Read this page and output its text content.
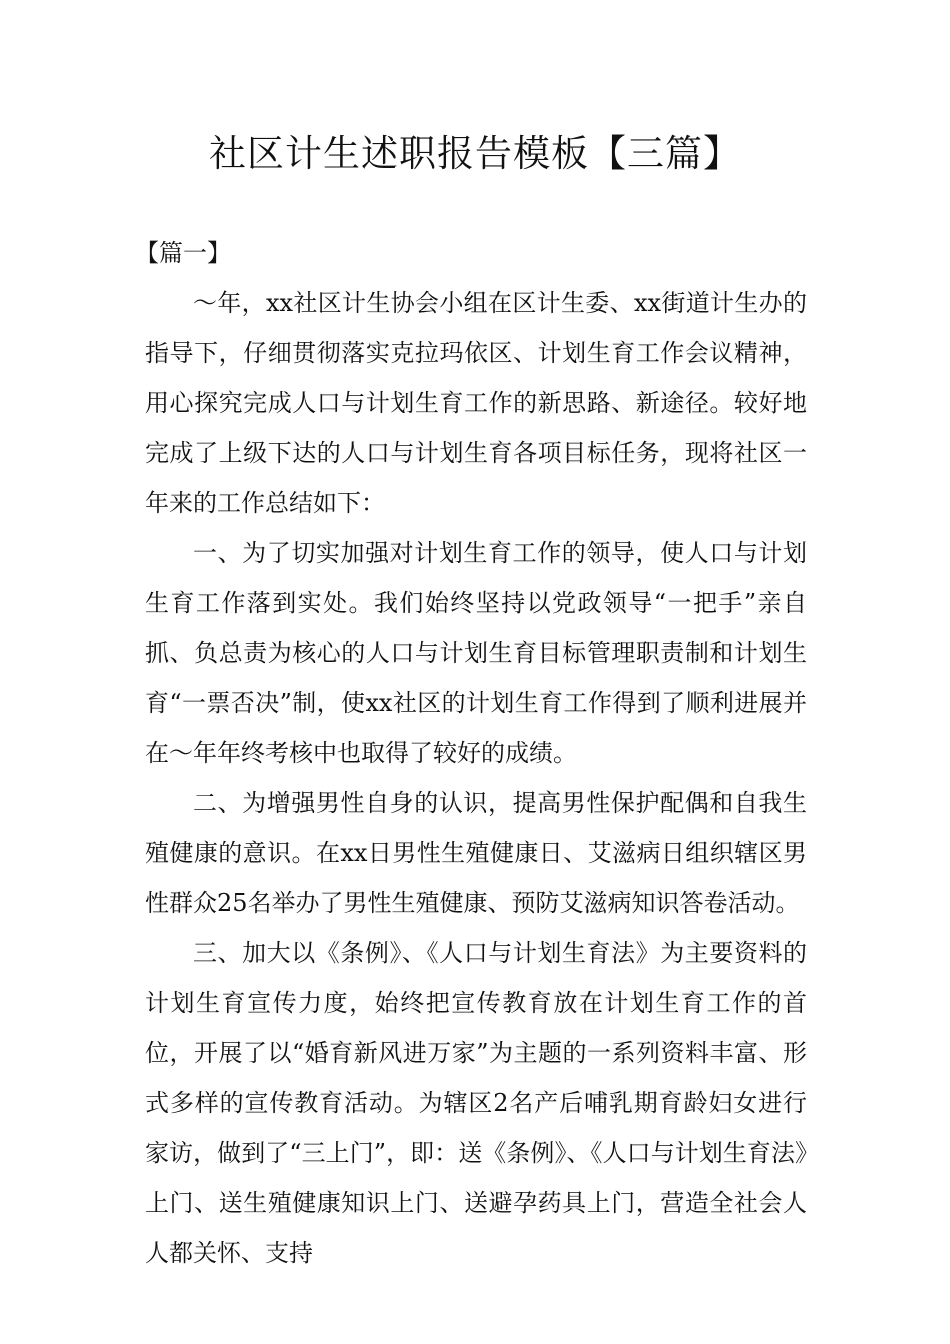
社区计生述职报告模板【三篇】

【篇一】

～年，xx社区计生协会小组在区计生委、xx街道计生办的指导下，仔细贯彻落实克拉玛依区、计划生育工作会议精神，用心探究完成人口与计划生育工作的新思路、新途径。较好地完成了上级下达的人口与计划生育各项目标任务，现将社区一年来的工作总结如下：

一、为了切实加强对计划生育工作的领导，使人口与计划生育工作落到实处。我们始终坚持以党政领导“一把手”亲自抓、负总责为核心的人口与计划生育目标管理职责制和计划生育“一票否决”制，使xx社区的计划生育工作得到了顺利进展并在～年年终考核中也取得了较好的成绩。

二、为增强男性自身的认识，提高男性保护配偶和自我生殖健康的意识。在xx日男性生殖健康日、艾滋病日组织辖区男性群众25名举办了男性生殖健康、预防艾滋病知识答卷活动。

三、加大以《条例》、《人口与计划生育法》为主要资料的计划生育宣传力度，始终把宣传教育放在计划生育工作的首位，开展了以“婚育新风进万家”为主题的一系列资料丰富、形式多样的宣传教育活动。为辖区2名产后哺乳期育龄妇女进行家访，做到了“三上门”，即：送《条例》、《人口与计划生育法》上门、送生殖健康知识上门、送避孕药具上门，营造全社会人人都关怀、支持
